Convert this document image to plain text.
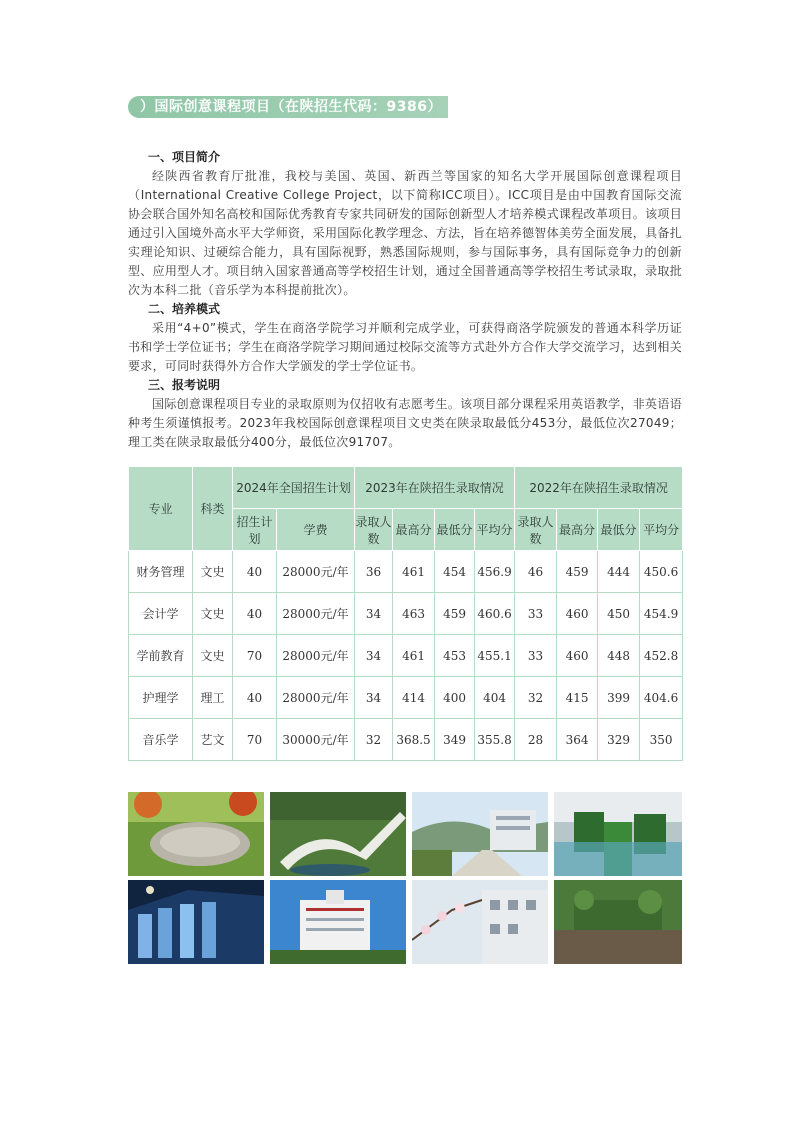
）国际创意课程项目（在陕招生代码：9386）

一、项目简介

经陕西省教育厅批准，我校与美国、英国、新西兰等国家的知名大学开展国际创意课程项目（International Creative College Project，以下简称ICC项目）。ICC项目是由中国教育国际交流协会联合国外知名高校和国际优秀教育专家共同研发的国际创新型人才培养模式课程改革项目。该项目通过引入国境外高水平大学师资，采用国际化教学理念、方法，旨在培养德智体美劳全面发展，具备扎实理论知识、过硬综合能力，具有国际视野，熟悉国际规则，参与国际事务，具有国际竞争力的创新型、应用型人才。项目纳入国家普通高等学校招生计划，通过全国普通高等学校招生考试录取，录取批次为本科二批（音乐学为本科提前批次）。

二、培养模式

采用“4+0”模式，学生在商洛学院学习并顺利完成学业，可获得商洛学院颁发的普通本科学历证书和学士学位证书；学生在商洛学院学习期间通过校际交流等方式赴外方合作大学交流学习，达到相关要求，可同时获得外方合作大学颁发的学士学位证书。

三、报考说明

国际创意课程项目专业的录取原则为仅招收有志愿考生。该项目部分课程采用英语教学，非英语语种考生须谨慎报考。2023年我校国际创意课程项目文史类在陕录取最低分453分，最低位次27049；理工类在陕录取最低分400分，最低位次91707。

专业	科类	2024年全国招生计划		2023年在陕招生录取情况				2022年在陕招生录取情况			
		招生计划	学费	录取人数	最高分	最低分	平均分	录取人数	最高分	最低分	平均分
财务管理	文史	40	28000元/年	36	461	454	456.9	46	459	444	450.6
会计学	文史	40	28000元/年	34	463	459	460.6	33	460	450	454.9
学前教育	文史	70	28000元/年	34	461	453	455.1	33	460	448	452.8
护理学	理工	40	28000元/年	34	414	400	404	32	415	399	404.6
音乐学	艺文	70	30000元/年	32	368.5	349	355.8	28	364	329	350
